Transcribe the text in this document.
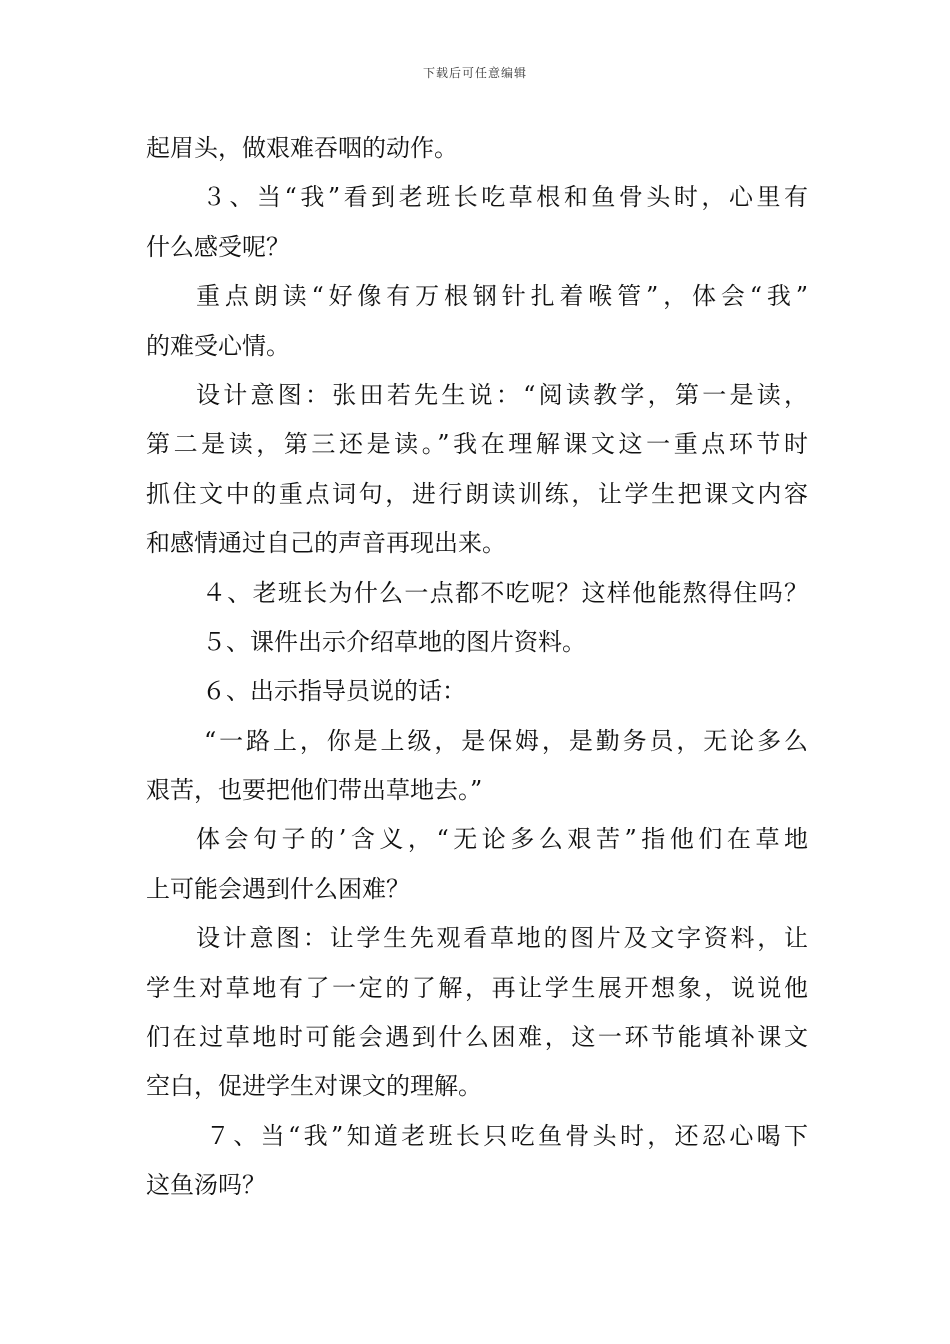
下载后可任意编辑
起眉头，做艰难吞咽的动作。
３、当“我”看到老班长吃草根和鱼骨头时，心里有
什么感受呢？
重点朗读“好像有万根钢针扎着喉管”，体会“我”
的难受心情。
设计意图：张田若先生说：“阅读教学，第一是读，
第二是读，第三还是读。”我在理解课文这一重点环节时
抓住文中的重点词句，进行朗读训练，让学生把课文内容
和感情通过自己的声音再现出来。
４、老班长为什么一点都不吃呢？这样他能熬得住吗？
５、课件出示介绍草地的图片资料。
６、出示指导员说的话：
“一路上，你是上级，是保姆，是勤务员，无论多么
艰苦，也要把他们带出草地去。”
体会句子的’含义，“无论多么艰苦”指他们在草地
上可能会遇到什么困难？
设计意图：让学生先观看草地的图片及文字资料，让
学生对草地有了一定的了解，再让学生展开想象，说说他
们在过草地时可能会遇到什么困难，这一环节能填补课文
空白，促进学生对课文的理解。
７、当“我”知道老班长只吃鱼骨头时，还忍心喝下
这鱼汤吗？
